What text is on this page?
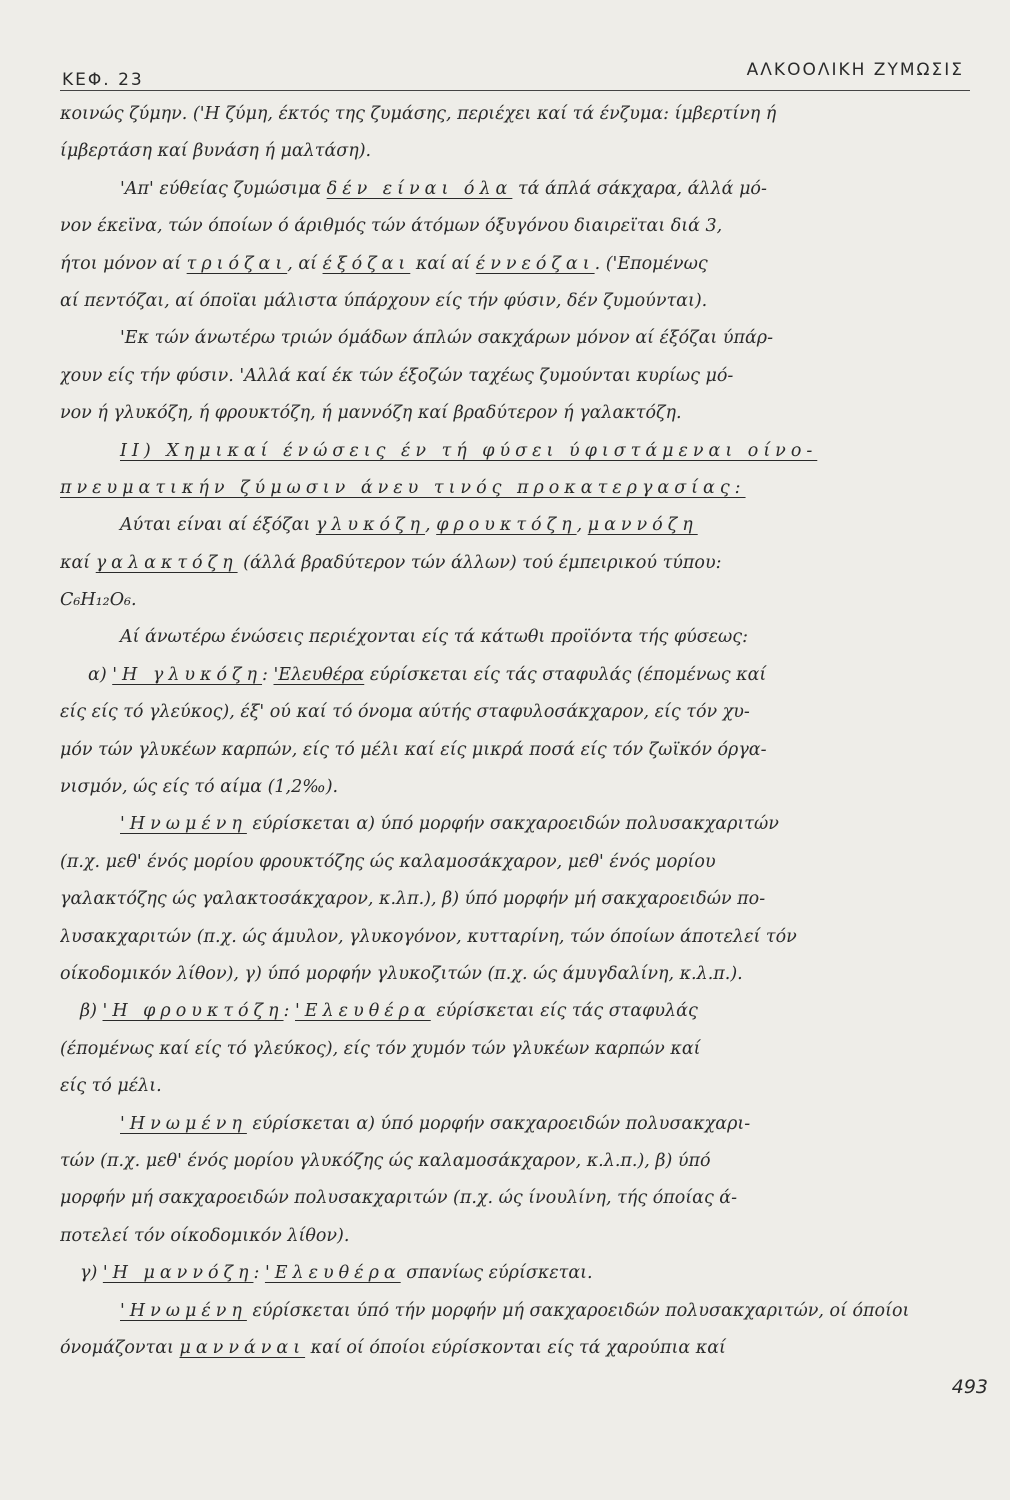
ΚΕΦ. 23	ΑΛΚΟΟΛΙΚΗ ΖΥΜΩΣΙΣ
κοινώς ζύμην. ('Η ζύμη, έκτός της ζυμάσης, περιέχει καί τά ένζυμα: ίμβερτίνη ή
ίμβερτάση καί βυνάση ή μαλτάση).
'Απ' εύθείας ζυμώσιμα δέν είναι όλα τά άπλά σάκχαρα, άλλά μό-
νον έκεϊνα, τών όποίων ό άριθμός τών άτόμων όξυγόνου διαιρεϊται διά 3,
ήτοι μόνον αί τριόζαι, αί έξόζαι καί αί έννεόζαι. ('Επομένως
αί πεντόζαι, αί όποϊαι μάλιστα ύπάρχουν είς τήν φύσιν, δέν ζυμούνται).
'Εκ τών άνωτέρω τριών όμάδων άπλών σακχάρων μόνον αί έξόζαι ύπάρ-
χουν είς τήν φύσιν. 'Αλλά καί έκ τών έξοζών ταχέως ζυμούνται κυρίως μό-
νον ή γλυκόζη, ή φρουκτόζη, ή μαννόζη καί βραδύτερον ή γαλακτόζη.
II) Χημικαί ένώσεις έν τή φύσει ύφιστάμεναι οίνο-
πνευματικήν ζύμωσιν άνευ τινός προκατεργασίας:
Αύται είναι αί έξόζαι γλυκόζη, φρουκτόζη, μαννόζη
καί γαλακτόζη (άλλά βραδύτερον τών άλλων) τού έμπειρικού τύπου:
C₆H₁₂O₆.
Αί άνωτέρω ένώσεις περιέχονται είς τά κάτωθι προϊόντα τής φύσεως:
α) 'Η γλυκόζη: 'Ελευθέρα εύρίσκεται είς τάς σταφυλάς (έπομένως καί
είς είς τό γλεύκος), έξ' ού καί τό όνομα αύτής σταφυλοσάκχαρον, είς τόν χυ-
μόν τών γλυκέων καρπών, είς τό μέλι καί είς μικρά ποσά είς τόν ζωϊκόν όργα-
νισμόν, ώς είς τό αίμα (1,2‰).
'Ηνωμένη εύρίσκεται α) ύπό μορφήν σακχαροειδών πολυσακχαριτών
(π.χ. μεθ' ένός μορίου φρουκτόζης ώς καλαμοσάκχαρον, μεθ' ένός μορίου
γαλακτόζης ώς γαλακτοσάκχαρον, κ.λπ.), β) ύπό μορφήν μή σακχαροειδών πο-
λυσακχαριτών (π.χ. ώς άμυλον, γλυκογόνον, κυτταρίνη, τών όποίων άποτελεί τόν
οίκοδομικόν λίθον), γ) ύπό μορφήν γλυκοζιτών (π.χ. ώς άμυγδαλίνη, κ.λ.π.).
β) 'Η φρουκτόζη: 'Ελευθέρα εύρίσκεται είς τάς σταφυλάς
(έπομένως καί είς τό γλεύκος), είς τόν χυμόν τών γλυκέων καρπών καί
είς τό μέλι.
'Ηνωμένη εύρίσκεται α) ύπό μορφήν σακχαροειδών πολυσακχαρι-
τών (π.χ. μεθ' ένός μορίου γλυκόζης ώς καλαμοσάκχαρον, κ.λ.π.), β) ύπό
μορφήν μή σακχαροειδών πολυσακχαριτών (π.χ. ώς ίνουλίνη, τής όποίας ά-
ποτελεί τόν οίκοδομικόν λίθον).
γ) 'Η μαννόζη: 'Ελευθέρα σπανίως εύρίσκεται.
'Ηνωμένη εύρίσκεται ύπό τήν μορφήν μή σακχαροειδών πολυσακχαριτών, οί όποίοι
όνομάζονται μαννάναι καί οί όποίοι εύρίσκονται είς τά χαρούπια καί
493
